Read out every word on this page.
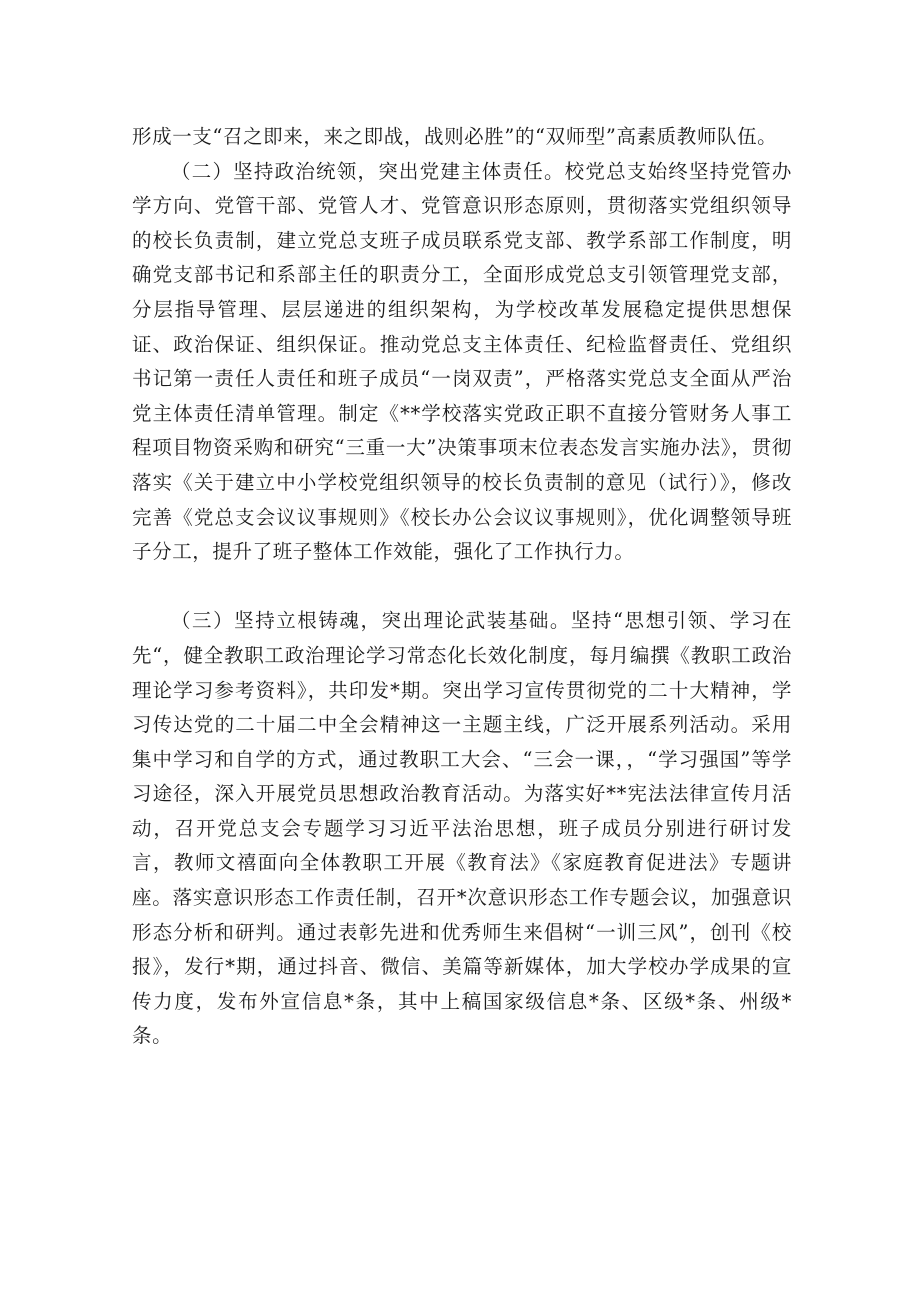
形成一支“召之即来，来之即战，战则必胜”的“双师型”高素质教师队伍。

（二）坚持政治统领，突出党建主体责任。校党总支始终坚持党管办学方向、党管干部、党管人才、党管意识形态原则，贯彻落实党组织领导的校长负责制，建立党总支班子成员联系党支部、教学系部工作制度，明确党支部书记和系部主任的职责分工，全面形成党总支引领管理党支部，分层指导管理、层层递进的组织架构，为学校改革发展稳定提供思想保证、政治保证、组织保证。推动党总支主体责任、纪检监督责任、党组织书记第一责任人责任和班子成员“一岗双责”，严格落实党总支全面从严治党主体责任清单管理。制定《**学校落实党政正职不直接分管财务人事工程项目物资采购和研究“三重一大”决策事项末位表态发言实施办法》，贯彻落实《关于建立中小学校党组织领导的校长负责制的意见（试行）》，修改完善《党总支会议议事规则》《校长办公会议议事规则》，优化调整领导班子分工，提升了班子整体工作效能，强化了工作执行力。

（三）坚持立根铸魂，突出理论武装基础。坚持“思想引领、学习在先“，健全教职工政治理论学习常态化长效化制度，每月编撰《教职工政治理论学习参考资料》，共印发*期。突出学习宣传贯彻党的二十大精神，学习传达党的二十届二中全会精神这一主题主线，广泛开展系列活动。采用集中学习和自学的方式，通过教职工大会、“三会一课，，“学习强国”等学习途径，深入开展党员思想政治教育活动。为落实好**宪法法律宣传月活动，召开党总支会专题学习习近平法治思想，班子成员分别进行研讨发言，教师文禧面向全体教职工开展《教育法》《家庭教育促进法》专题讲座。落实意识形态工作责任制，召开*次意识形态工作专题会议，加强意识形态分析和研判。通过表彰先进和优秀师生来倡树“一训三风”，创刊《校报》，发行*期，通过抖音、微信、美篇等新媒体，加大学校办学成果的宣传力度，发布外宣信息*条，其中上稿国家级信息*条、区级*条、州级*条。
